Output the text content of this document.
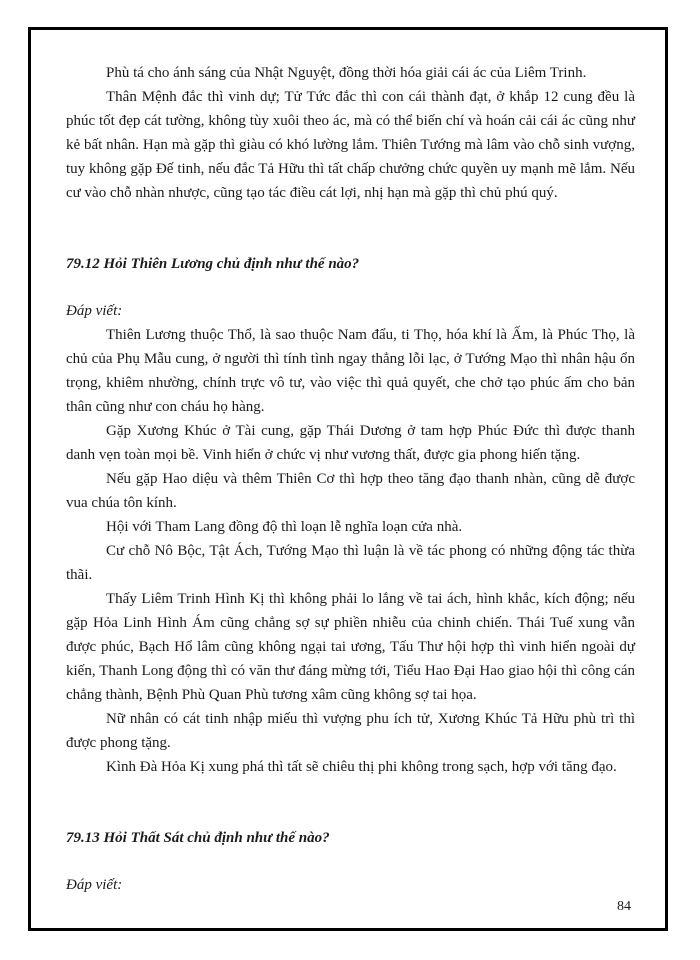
Phù tá cho ánh sáng của Nhật Nguyệt, đồng thời hóa giải cái ác của Liêm Trinh.

Thân Mệnh đắc thì vinh dự; Tử Tức đắc thì con cái thành đạt, ở khắp 12 cung đều là phúc tốt đẹp cát tường, không tùy xuôi theo ác, mà có thể biến chí và hoán cải cái ác cũng như kẻ bất nhân. Hạn mà gặp thì giàu có khó lường lắm. Thiên Tướng mà lâm vào chỗ sinh vượng, tuy không gặp Đế tinh, nếu đắc Tả Hữu thì tất chấp chưởng chức quyền uy mạnh mẽ lắm. Nếu cư vào chỗ nhàn nhược, cũng tạo tác điều cát lợi, nhị hạn mà gặp thì chủ phú quý.

79.12 Hỏi Thiên Lương chủ định như thế nào?

Đáp viết:

Thiên Lương thuộc Thổ, là sao thuộc Nam đẩu, ti Thọ, hóa khí là Ấm, là Phúc Thọ, là chủ của Phụ Mẫu cung, ở người thì tính tình ngay thẳng lỗi lạc, ở Tướng Mạo thì nhân hậu ổn trọng, khiêm nhường, chính trực vô tư, vào việc thì quả quyết, che chở tạo phúc ấm cho bản thân cũng như con cháu họ hàng.

Gặp Xương Khúc ở Tài cung, gặp Thái Dương ở tam hợp Phúc Đức thì được thanh danh vẹn toàn mọi bề. Vinh hiển ở chức vị như vương thất, được gia phong hiến tặng.

Nếu gặp Hao diệu và thêm Thiên Cơ thì hợp theo tăng đạo thanh nhàn, cũng dễ được vua chúa tôn kính.

Hội với Tham Lang đồng độ thì loạn lễ nghĩa loạn cửa nhà.

Cư chỗ Nô Bộc, Tật Ách, Tướng Mạo thì luận là về tác phong có những động tác thừa thãi.

Thấy Liêm Trinh Hình Kị thì không phải lo lắng về tai ách, hình khắc, kích động; nếu gặp Hỏa Linh Hình Ám cũng chẳng sợ sự phiền nhiễu của chinh chiến. Thái Tuế xung vẫn được phúc, Bạch Hổ lâm cũng không ngại tai ương, Tấu Thư hội hợp thì vinh hiển ngoài dự kiến, Thanh Long động thì có văn thư đáng mừng tới, Tiểu Hao Đại Hao giao hội thì công cán chẳng thành, Bệnh Phù Quan Phù tương xâm cũng không sợ tai họa.

Nữ nhân có cát tinh nhập miếu thì vượng phu ích tử, Xương Khúc Tả Hữu phù trì thì được phong tặng.

Kình Đà Hỏa Kị xung phá thì tất sẽ chiêu thị phi không trong sạch, hợp với tăng đạo.

79.13 Hỏi Thất Sát chủ định như thế nào?

Đáp viết:

84
